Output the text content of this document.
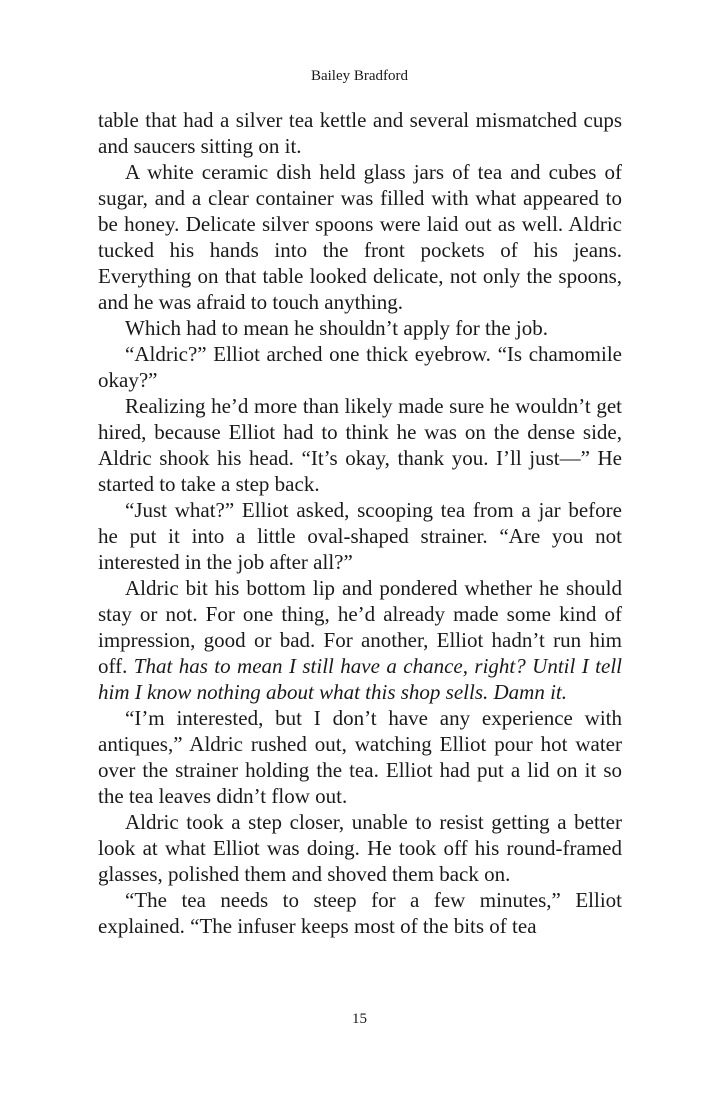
Bailey Bradford

table that had a silver tea kettle and several mismatched cups and saucers sitting on it.

A white ceramic dish held glass jars of tea and cubes of sugar, and a clear container was filled with what appeared to be honey. Delicate silver spoons were laid out as well. Aldric tucked his hands into the front pockets of his jeans. Everything on that table looked delicate, not only the spoons, and he was afraid to touch anything.

Which had to mean he shouldn’t apply for the job.

“Aldric?” Elliot arched one thick eyebrow. “Is chamomile okay?”

Realizing he’d more than likely made sure he wouldn’t get hired, because Elliot had to think he was on the dense side, Aldric shook his head. “It’s okay, thank you. I’ll just—” He started to take a step back.

“Just what?” Elliot asked, scooping tea from a jar before he put it into a little oval-shaped strainer. “Are you not interested in the job after all?”

Aldric bit his bottom lip and pondered whether he should stay or not. For one thing, he’d already made some kind of impression, good or bad. For another, Elliot hadn’t run him off. That has to mean I still have a chance, right? Until I tell him I know nothing about what this shop sells. Damn it.

“I’m interested, but I don’t have any experience with antiques,” Aldric rushed out, watching Elliot pour hot water over the strainer holding the tea. Elliot had put a lid on it so the tea leaves didn’t flow out.

Aldric took a step closer, unable to resist getting a better look at what Elliot was doing. He took off his round-framed glasses, polished them and shoved them back on.

“The tea needs to steep for a few minutes,” Elliot explained. “The infuser keeps most of the bits of tea

15
